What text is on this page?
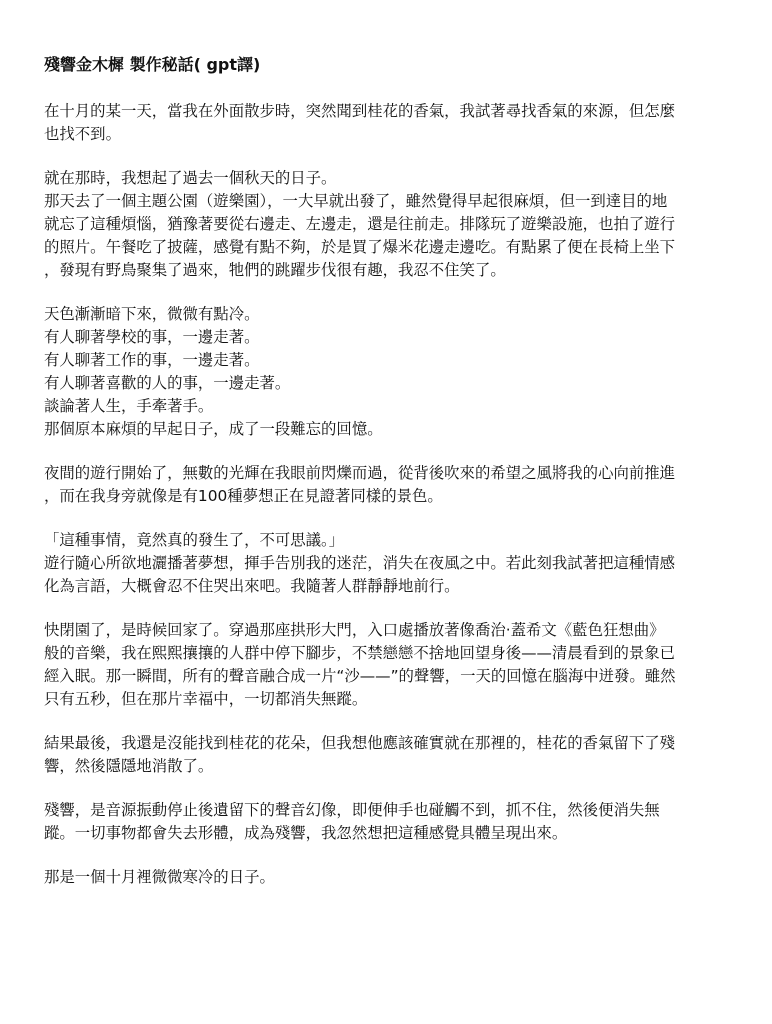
殘響金木樨 製作秘話( gpt譯)
在十月的某一天，當我在外面散步時，突然聞到桂花的香氣，我試著尋找香氣的來源，但怎麼
也找不到。
就在那時，我想起了過去一個秋天的日子。
那天去了一個主題公園（遊樂園），一大早就出發了，雖然覺得早起很麻煩，但一到達目的地
就忘了這種煩惱，猶豫著要從右邊走、左邊走，還是往前走。排隊玩了遊樂設施，也拍了遊行
的照片。午餐吃了披薩，感覺有點不夠，於是買了爆米花邊走邊吃。有點累了便在長椅上坐下
，發現有野鳥聚集了過來，牠們的跳躍步伐很有趣，我忍不住笑了。
天色漸漸暗下來，微微有點冷。
有人聊著學校的事，一邊走著。
有人聊著工作的事，一邊走著。
有人聊著喜歡的人的事，一邊走著。
談論著人生，手牽著手。
那個原本麻煩的早起日子，成了一段難忘的回憶。
夜間的遊行開始了，無數的光輝在我眼前閃爍而過，從背後吹來的希望之風將我的心向前推進
，而在我身旁就像是有100種夢想正在見證著同樣的景色。
「這種事情，竟然真的發生了，不可思議。」
遊行隨心所欲地灑播著夢想，揮手告別我的迷茫，消失在夜風之中。若此刻我試著把這種情感
化為言語，大概會忍不住哭出來吧。我隨著人群靜靜地前行。
快閉園了，是時候回家了。穿過那座拱形大門，入口處播放著像喬治·蓋希文《藍色狂想曲》
般的音樂，我在熙熙攘攘的人群中停下腳步，不禁戀戀不捨地回望身後——清晨看到的景象已
經入眠。那一瞬間，所有的聲音融合成一片“沙——”的聲響，一天的回憶在腦海中迸發。雖然
只有五秒，但在那片幸福中，一切都消失無蹤。
結果最後，我還是沒能找到桂花的花朵，但我想他應該確實就在那裡的，桂花的香氣留下了殘
響，然後隱隱地消散了。
殘響，是音源振動停止後遺留下的聲音幻像，即便伸手也碰觸不到，抓不住，然後便消失無
蹤。一切事物都會失去形體，成為殘響，我忽然想把這種感覺具體呈現出來。
那是一個十月裡微微寒冷的日子。
